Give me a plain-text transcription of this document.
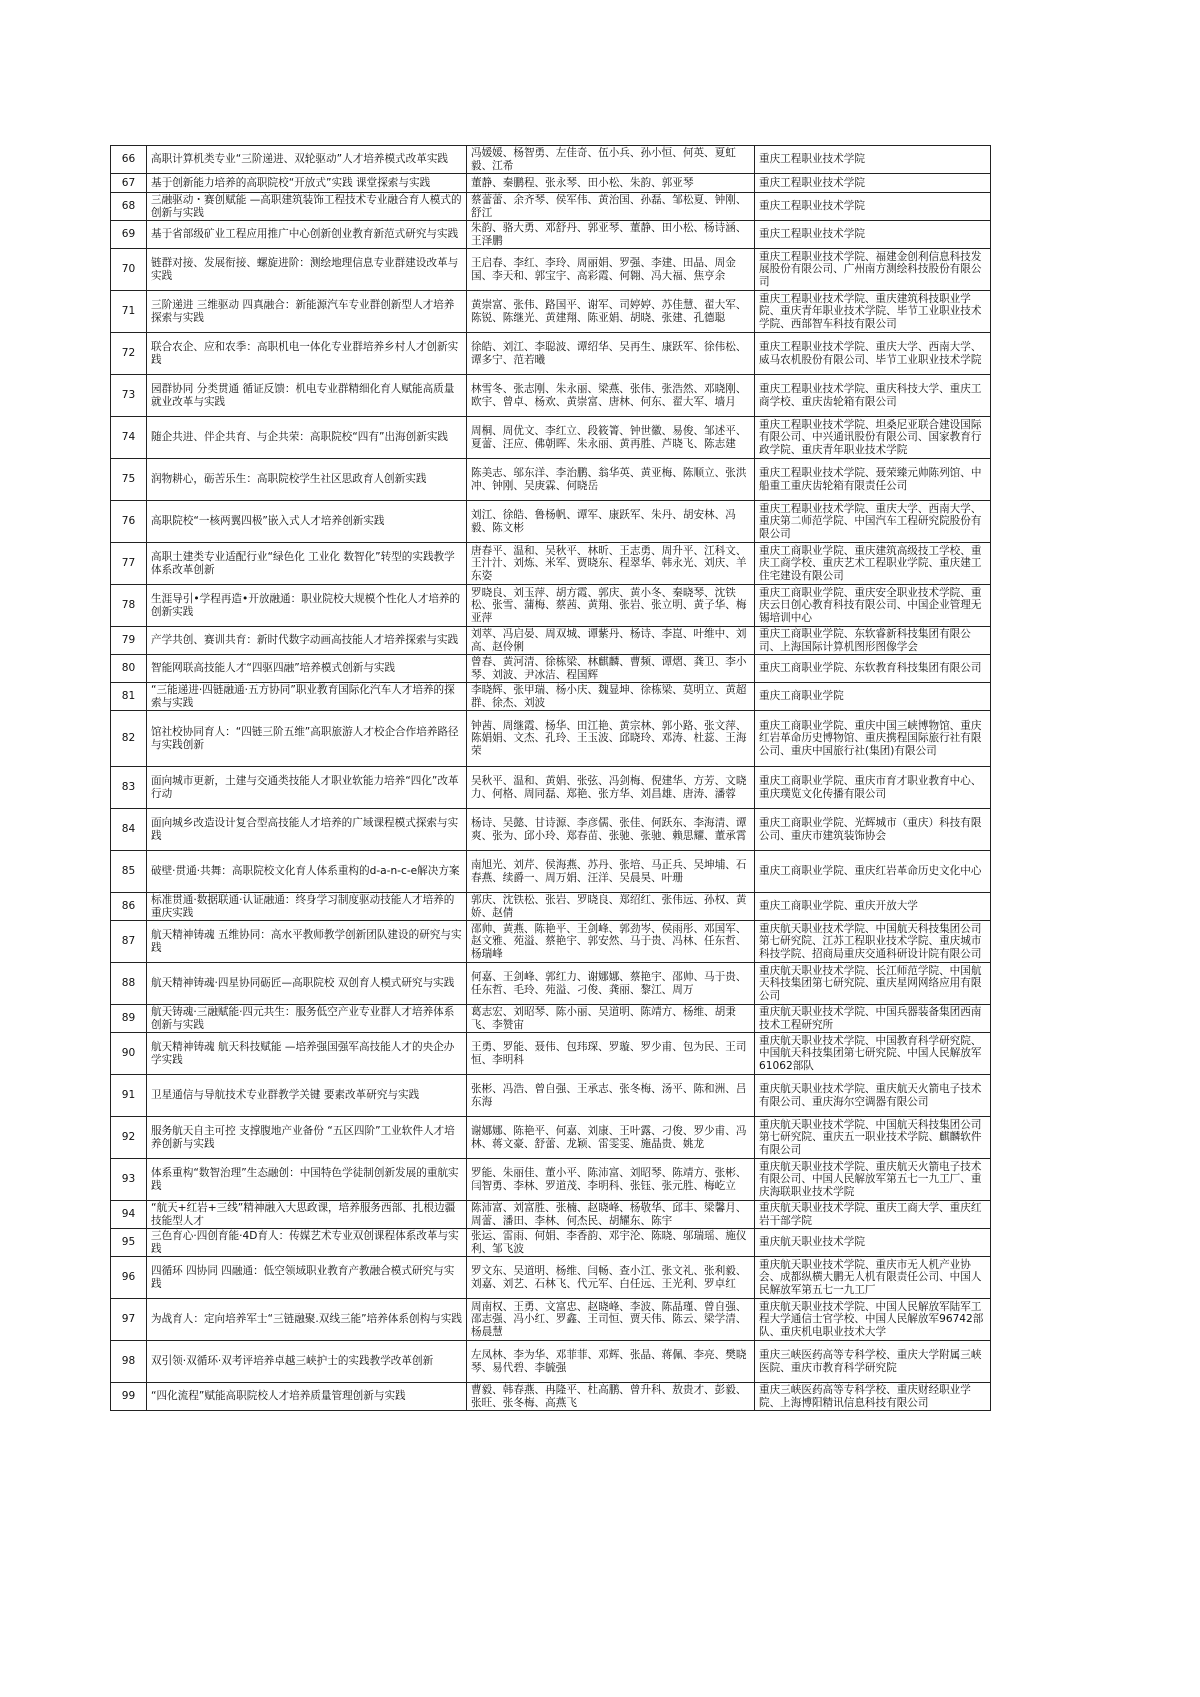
66	高职计算机类专业“三阶递进、双轮驱动”人才培养模式改革实践	冯媛媛、杨智勇、左佳奇、伍小兵、孙小恒、何英、夏虹毅、江希	重庆工程职业技术学院
67	基于创新能力培养的高职院校“开放式”实践 课堂探索与实践	董静、秦鹏程、张永琴、田小松、朱韵、郭亚琴	重庆工程职业技术学院
68	三融驱动・赛创赋能 —高职建筑装饰工程技术专业融合育人模式的创新与实践	蔡蕾蕾、余齐琴、侯军伟、黄治国、孙磊、邹松夏、钟刚、舒江	重庆工程职业技术学院
69	基于省部级矿业工程应用推广中心创新创业教育新范式研究与实践	朱韵、骆大勇、邓舒丹、郭亚琴、董静、田小松、杨诗涵、王泽鹏	重庆工程职业技术学院
70	链群对接、发展衔接、螺旋进阶：测绘地理信息专业群建设改革与实践	王启春、李红、李玲、周丽娟、罗强、李建、田晶、周金国、李天和、郭宝宇、高彩霞、何翱、冯大福、焦亨余	重庆工程职业技术学院、福建金创利信息科技发展股份有限公司、广州南方测绘科技股份有限公司
71	三阶递进 三维驱动 四真融合：新能源汽车专业群创新型人才培养探索与实践	黄崇富、张伟、路国平、谢军、司婷婷、苏佳慧、翟大军、陈锐、陈继光、黄建翔、陈亚娟、胡晓、张建、孔德聪	重庆工程职业技术学院、重庆建筑科技职业学院、重庆青年职业技术学院、毕节工业职业技术学院、西部智车科技有限公司
72	联合农企、应和农季：高职机电一体化专业群培养乡村人才创新实践	徐皓、刘江、李聪波、谭绍华、吴再生、康跃军、徐伟松、谭多宁、范若曦	重庆工程职业技术学院、重庆大学、西南大学、威马农机股份有限公司、毕节工业职业技术学院
73	园群协同 分类贯通 循证反馈：机电专业群精细化育人赋能高质量就业改革与实践	林雪冬、张志刚、朱永丽、梁燕、张伟、张浩然、邓晓刚、欧宇、曾卓、杨欢、黄崇富、唐林、何东、翟大军、墙月	重庆工程职业技术学院、重庆科技大学、重庆工商学校、重庆齿轮箱有限公司
74	随企共进、伴企共育、与企共荣：高职院校“四有”出海创新实践	周桐、周优文、李红立、段筱箐、钟世徽、易俊、邹述平、夏蕾、汪应、佛朝晖、朱永丽、黄再胜、芦晓飞、陈志建	重庆工程职业技术学院、坦桑尼亚联合建设国际有限公司、中兴通讯股份有限公司、国家教育行政学院、重庆青年职业技术学院
75	润物耕心，砺苦乐生：高职院校学生社区思政育人创新实践	陈美志、邬东洋、李治鹏、翁华英、黄亚梅、陈顺立、张洪冲、钟刚、吴庚霖、何晓岳	重庆工程职业技术学院、聂荣臻元帅陈列馆、中船重工重庆齿轮箱有限责任公司
76	高职院校“一核两翼四极”嵌入式人才培养创新实践	刘江、徐皓、鲁杨帆、谭军、康跃军、朱丹、胡安林、冯毅、陈文彬	重庆工程职业技术学院、重庆大学、西南大学、重庆第二师范学院、中国汽车工程研究院股份有限公司
77	高职土建类专业适配行业“绿色化 工业化 数智化”转型的实践教学体系改革创新	唐春平、温和、吴秋平、林昕、王志勇、周升平、江科文、王汁汁、刘炼、米军、贾晓东、程翠华、韩永光、刘庆、羊东姿	重庆工商职业学院、重庆建筑高级技工学校、重庆工商学校、重庆艺术工程职业学院、重庆建工住宅建设有限公司
78	生涯导引•学程再造•开放融通：职业院校大规模个性化人才培养的创新实践	罗晓良、刘玉萍、胡方霞、郭庆、黄小冬、秦晓琴、沈铁松、张雪、蒲梅、蔡茜、黄翔、张岩、张立明、黄子华、梅亚萍	重庆工商职业学院、重庆安全职业技术学院、重庆云日创心教育科技有限公司、中国企业管理无锡培训中心
79	产学共创、赛训共育：新时代数字动画高技能人才培养探索与实践	刘萃、冯启晏、周双城、谭紫丹、杨诗、李崑、叶维中、刘高、赵伶俐	重庆工商职业学院、东软睿新科技集团有限公司、上海国际计算机图形图像学会
80	智能网联高技能人才“四驱四融”培养模式创新与实践	曾春、黄河清、徐栋梁、林麒麟、曹频、谭熠、龚卫、李小琴、刘波、尹冰洁、程国辉	重庆工商职业学院、东软教育科技集团有限公司
81	“三能递进·四链融通·五方协同”职业教育国际化汽车人才培养的探索与实践	李晓辉、张甲瑞、杨小庆、魏显坤、徐栋梁、莫明立、黄超群、徐杰、刘波	重庆工商职业学院
82	馆社校协同育人：“四链三阶五维”高职旅游人才校企合作培养路径与实践创新	钟茜、周继霞、杨华、田江艳、黄宗林、郭小路、张文萍、陈娟娟、文杰、孔玲、王玉波、邱晓玲、邓涛、杜蕊、王海荣	重庆工商职业学院、重庆中国三峡博物馆、重庆红岩革命历史博物馆、重庆携程国际旅行社有限公司、重庆中国旅行社(集团)有限公司
83	面向城市更新，土建与交通类技能人才职业软能力培养“四化”改革行动	吴秋平、温和、黄娟、张弦、冯剑梅、倪建华、方芳、文晓力、何格、周同磊、郑艳、张方华、刘昌雄、唐涛、潘蓉	重庆工商职业学院、重庆市育才职业教育中心、重庆璞览文化传播有限公司
84	面向城乡改造设计复合型高技能人才培养的广域课程模式探索与实践	杨诗、吴懿、甘诗源、李彦儒、张佳、何跃东、李海清、谭爽、张为、邱小玲、郑春苗、张驰、张驰、赖思耀、董承霄	重庆工商职业学院、光辉城市（重庆）科技有限公司、重庆市建筑装饰协会
85	破壁·贯通·共舞：高职院校文化育人体系重构的d-a-n-c-e解决方案	南旭光、刘芹、侯海燕、苏丹、张培、马正兵、吴坤埔、石春燕、续爵一、周万娟、汪洋、吴晨昊、叶珊	重庆工商职业学院、重庆红岩革命历史文化中心
86	标准贯通·数据联通·认证融通：终身学习制度驱动技能人才培养的重庆实践	郭庆、沈铁松、张岩、罗晓良、郑绍红、张伟远、孙权、黄娇、赵倩	重庆工商职业学院、重庆开放大学
87	航天精神铸魂 五维协同：高水平教师教学创新团队建设的研究与实践	邵帅、黄燕、陈艳平、王剑峰、郭劲岑、侯雨彤、邓国军、赵文雅、苑溢、蔡艳宇、郭安然、马于贵、冯林、任东哲、杨瑞峰	重庆航天职业技术学院、中国航天科技集团公司第七研究院、江苏工程职业技术学院、重庆城市科技学院、招商局重庆交通科研设计院有限公司
88	航天精神铸魂·四星协同砺匠—高职院校 双创育人模式研究与实践	何嘉、王剑峰、郭红力、谢娜娜、蔡艳宇、邵帅、马于贵、任东哲、毛玲、苑溢、刁俊、龚丽、黎江、周万	重庆航天职业技术学院、长江师范学院、中国航天科技集团第七研究院、重庆星网网络应用有限公司
89	航天铸魂·三融赋能·四元共生：服务低空产业专业群人才培养体系创新与实践	葛志宏、刘昭琴、陈小丽、吴道明、陈靖方、杨维、胡秉飞、李赞宙	重庆航天职业技术学院、中国兵器装备集团西南技术工程研究所
90	航天精神铸魂 航天科技赋能 —培养强国强军高技能人才的央企办学实践	王勇、罗能、聂伟、包玮琛、罗璇、罗少甫、包为民、王司恒、李明科	重庆航天职业技术学院、中国教育科学研究院、中国航天科技集团第七研究院、中国人民解放军61062部队
91	卫星通信与导航技术专业群教学关键 要素改革研究与实践	张彬、冯浩、曾自强、王承志、张冬梅、汤平、陈和洲、吕东海	重庆航天职业技术学院、重庆航天火箭电子技术有限公司、重庆海尔空调器有限公司
92	服务航天自主可控 支撑腹地产业备份 “五区四阶”工业软件人才培养创新与实践	谢娜娜、陈艳平、何嘉、刘康、王叶露、刁俊、罗少甫、冯林、蒋文豪、舒蕾、龙颖、雷雯雯、施晶贵、姚龙	重庆航天职业技术学院、中国航天科技集团公司第七研究院、重庆五一职业技术学院、麒麟软件有限公司
93	体系重构“数智治理”生态融创：中国特色学徒制创新发展的重航实践	罗能、朱丽佳、董小平、陈沛富、刘昭琴、陈靖方、张彬、闫智勇、李林、罗道茂、李明科、张钰、张元胜、梅屹立	重庆航天职业技术学院、重庆航天火箭电子技术有限公司、中国人民解放军第五七一九工厂、重庆海联职业技术学院
94	“航天+红岩+三线”精神融入大思政课，培养服务西部、扎根边疆技能型人才	陈沛富、刘富胜、张楠、赵晓峰、杨敬华、邱丰、梁馨月、周蕾、潘田、李林、何杰民、胡耀东、陈宇	重庆航天职业技术学院、重庆工商大学、重庆红岩干部学院
95	三色育心·四创育能·4D育人：传媒艺术专业双创课程体系改革与实践	张运、雷雨、何娟、李香韵、邓宇沦、陈晓、邬瑞瑶、施仪利、邹飞波	重庆航天职业技术学院
96	四循环 四协同 四融通：低空领域职业教育产教融合模式研究与实践	罗文东、吴道明、杨维、闫畅、查小江、张文礼、张利毅、刘嘉、刘艺、石林飞、代元军、白任远、王光利、罗卓红	重庆航天职业技术学院、重庆市无人机产业协会、成都纵横大鹏无人机有限责任公司、中国人民解放军第五七一九工厂
97	为战育人：定向培养军士“三链融聚.双线三能”培养体系创构与实践	周南权、王勇、文富忠、赵晓峰、李波、陈晶瑾、曾自强、邵志强、冯小红、罗鑫、王司恒、贾天伟、陈云、梁学清、杨晨慧	重庆航天职业技术学院、中国人民解放军陆军工程大学通信士官学校、中国人民解放军96742部队、重庆机电职业技术大学
98	双引领·双循环·双考评培养卓越三峡护士的实践教学改革创新	左凤林、李为华、邓菲菲、邓辉、张晶、蒋佩、李亮、樊晓琴、易代碧、李毓强	重庆三峡医药高等专科学校、重庆大学附属三峡医院、重庆市教育科学研究院
99	“四化流程”赋能高职院校人才培养质量管理创新与实践	曹毅、韩春燕、冉隆平、杜高鹏、曾升科、敖贵才、彭毅、张旺、张冬梅、高燕飞	重庆三峡医药高等专科学校、重庆财经职业学院、上海博阳精讯信息科技有限公司
